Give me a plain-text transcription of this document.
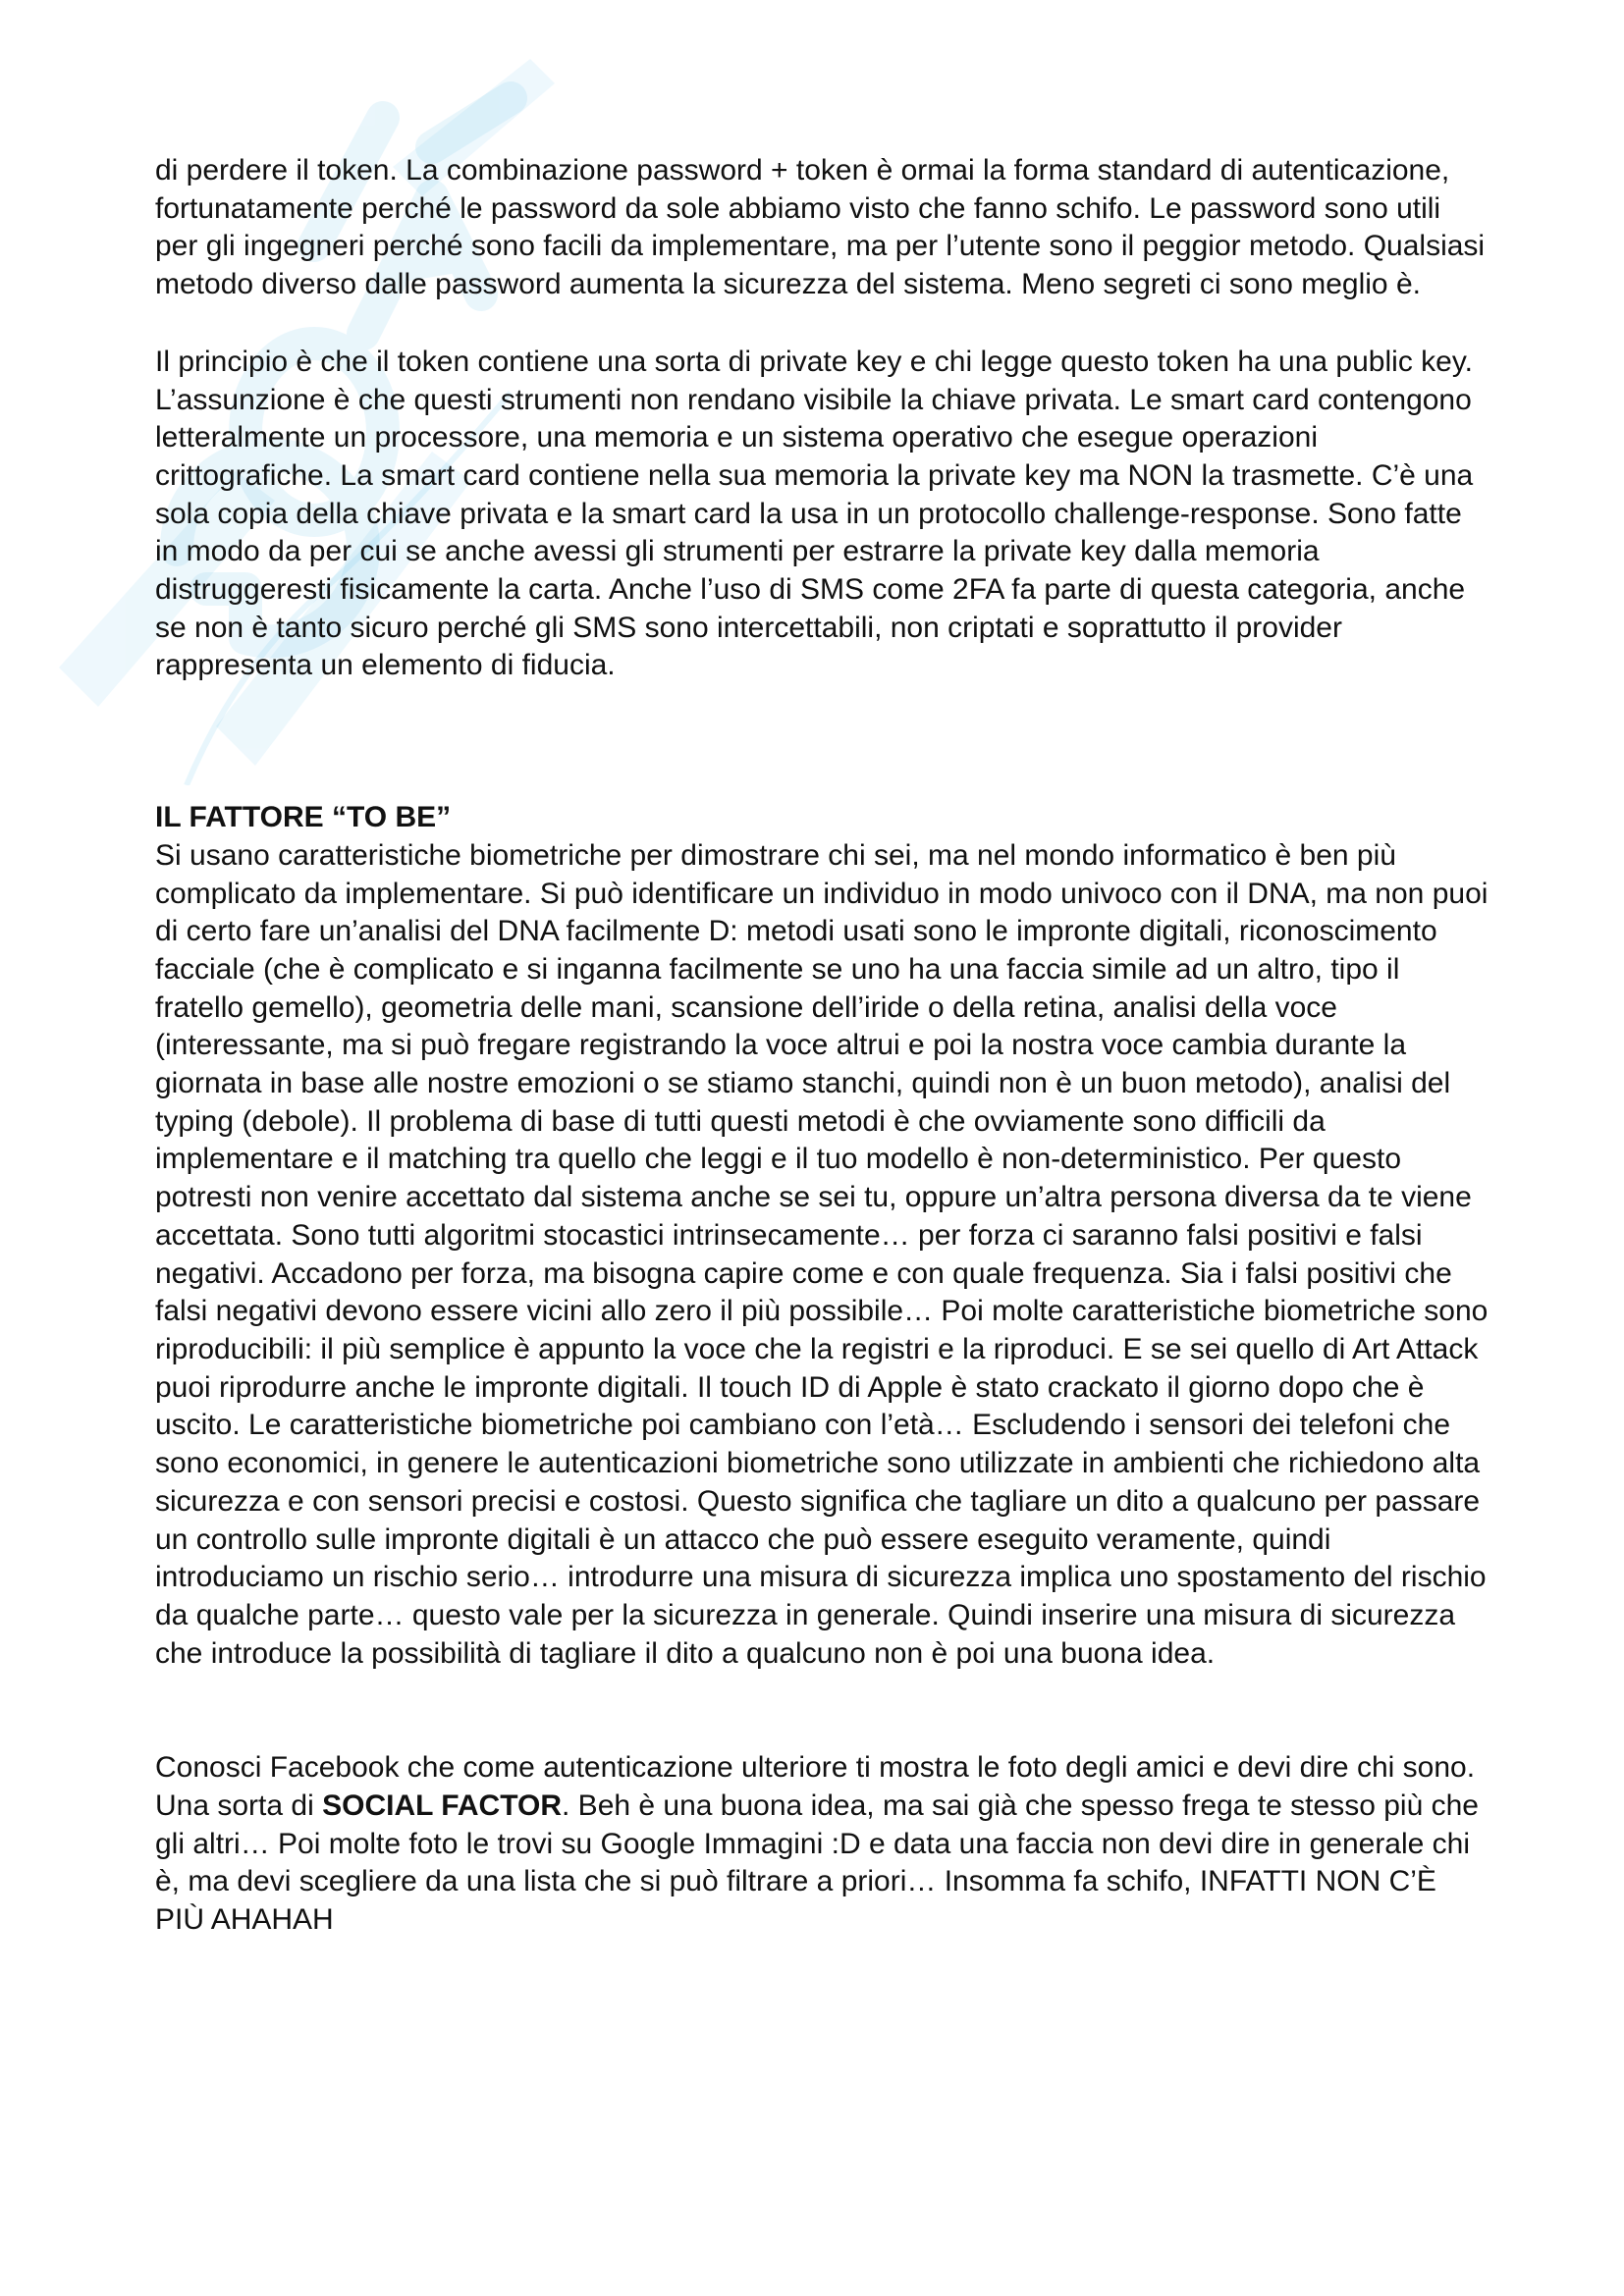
di perdere il token. La combinazione password + token è ormai la forma standard di autenticazione, fortunatamente perché le password da sole abbiamo visto che fanno schifo. Le password sono utili per gli ingegneri perché sono facili da implementare, ma per l’utente sono il peggior metodo. Qualsiasi metodo diverso dalle password aumenta la sicurezza del sistema. Meno segreti ci sono meglio è.

Il principio è che il token contiene una sorta di private key e chi legge questo token ha una public key. L’assunzione è che questi strumenti non rendano visibile la chiave privata. Le smart card contengono letteralmente un processore, una memoria e un sistema operativo che esegue operazioni crittografiche. La smart card contiene nella sua memoria la private key ma NON la trasmette. C’è una sola copia della chiave privata e la smart card la usa in un protocollo challenge-response. Sono fatte in modo da per cui se anche avessi gli strumenti per estrarre la private key dalla memoria distruggeresti fisicamente la carta. Anche l’uso di SMS come 2FA fa parte di questa categoria, anche se non è tanto sicuro perché gli SMS sono intercettabili, non criptati e soprattutto il provider rappresenta un elemento di fiducia.

IL FATTORE “TO BE”

Si usano caratteristiche biometriche per dimostrare chi sei, ma nel mondo informatico è ben più complicato da implementare. Si può identificare un individuo in modo univoco con il DNA, ma non puoi di certo fare un’analisi del DNA facilmente D: metodi usati sono le impronte digitali, riconoscimento facciale (che è complicato e si inganna facilmente se uno ha una faccia simile ad un altro, tipo il fratello gemello), geometria delle mani, scansione dell’iride o della retina, analisi della voce (interessante, ma si può fregare registrando la voce altrui e poi la nostra voce cambia durante la giornata in base alle nostre emozioni o se stiamo stanchi, quindi non è un buon metodo), analisi del typing (debole). Il problema di base di tutti questi metodi è che ovviamente sono difficili da implementare e il matching tra quello che leggi e il tuo modello è non-deterministico. Per questo potresti non venire accettato dal sistema anche se sei tu, oppure un’altra persona diversa da te viene accettata. Sono tutti algoritmi stocastici intrinsecamente… per forza ci saranno falsi positivi e falsi negativi. Accadono per forza, ma bisogna capire come e con quale frequenza. Sia i falsi positivi che falsi negativi devono essere vicini allo zero il più possibile… Poi molte caratteristiche biometriche sono riproducibili: il più semplice è appunto la voce che la registri e la riproduci. E se sei quello di Art Attack puoi riprodurre anche le impronte digitali. Il touch ID di Apple è stato crackato il giorno dopo che è uscito. Le caratteristiche biometriche poi cambiano con l’età… Escludendo i sensori dei telefoni che sono economici, in genere le autenticazioni biometriche sono utilizzate in ambienti che richiedono alta sicurezza e con sensori precisi e costosi. Questo significa che tagliare un dito a qualcuno per passare un controllo sulle impronte digitali è un attacco che può essere eseguito veramente, quindi introduciamo un rischio serio… introdurre una misura di sicurezza implica uno spostamento del rischio da qualche parte… questo vale per la sicurezza in generale. Quindi inserire una misura di sicurezza che introduce la possibilità di tagliare il dito a qualcuno non è poi una buona idea.

Conosci Facebook che come autenticazione ulteriore ti mostra le foto degli amici e devi dire chi sono. Una sorta di SOCIAL FACTOR. Beh è una buona idea, ma sai già che spesso frega te stesso più che gli altri… Poi molte foto le trovi su Google Immagini :D e data una faccia non devi dire in generale chi è, ma devi scegliere da una lista che si può filtrare a priori… Insomma fa schifo, INFATTI NON C’È PIÙ AHAHAH
